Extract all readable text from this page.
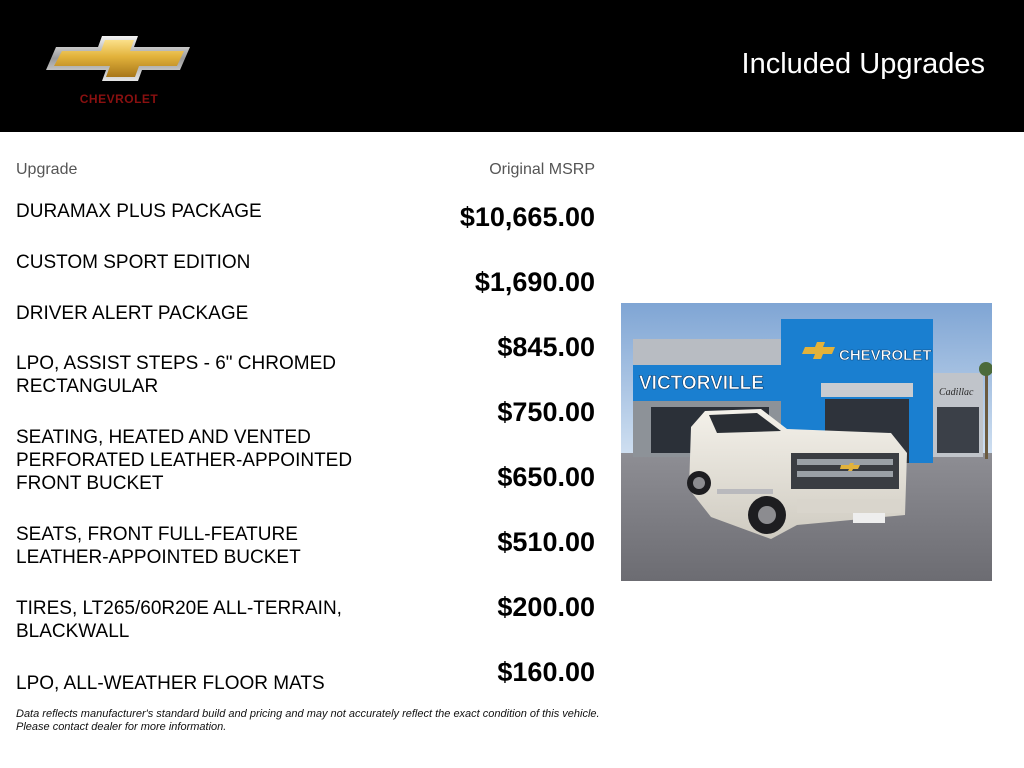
CHEVROLET
Included Upgrades
Upgrade	Original MSRP
DURAMAX PLUS PACKAGE
CUSTOM SPORT EDITION
DRIVER ALERT PACKAGE
LPO, ASSIST STEPS - 6" CHROMED RECTANGULAR
SEATING, HEATED AND VENTED PERFORATED LEATHER-APPOINTED FRONT BUCKET
SEATS, FRONT FULL-FEATURE LEATHER-APPOINTED BUCKET
TIRES, LT265/60R20E ALL-TERRAIN, BLACKWALL
LPO, ALL-WEATHER FLOOR MATS
$10,665.00
$1,690.00
$845.00
$750.00
$650.00
$510.00
$200.00
$160.00
Data reflects manufacturer's standard build and pricing and may not accurately reflect the exact condition of this vehicle.
Please contact dealer for more information.
VICTORVILLE
CHEVROLET
Cadillac
